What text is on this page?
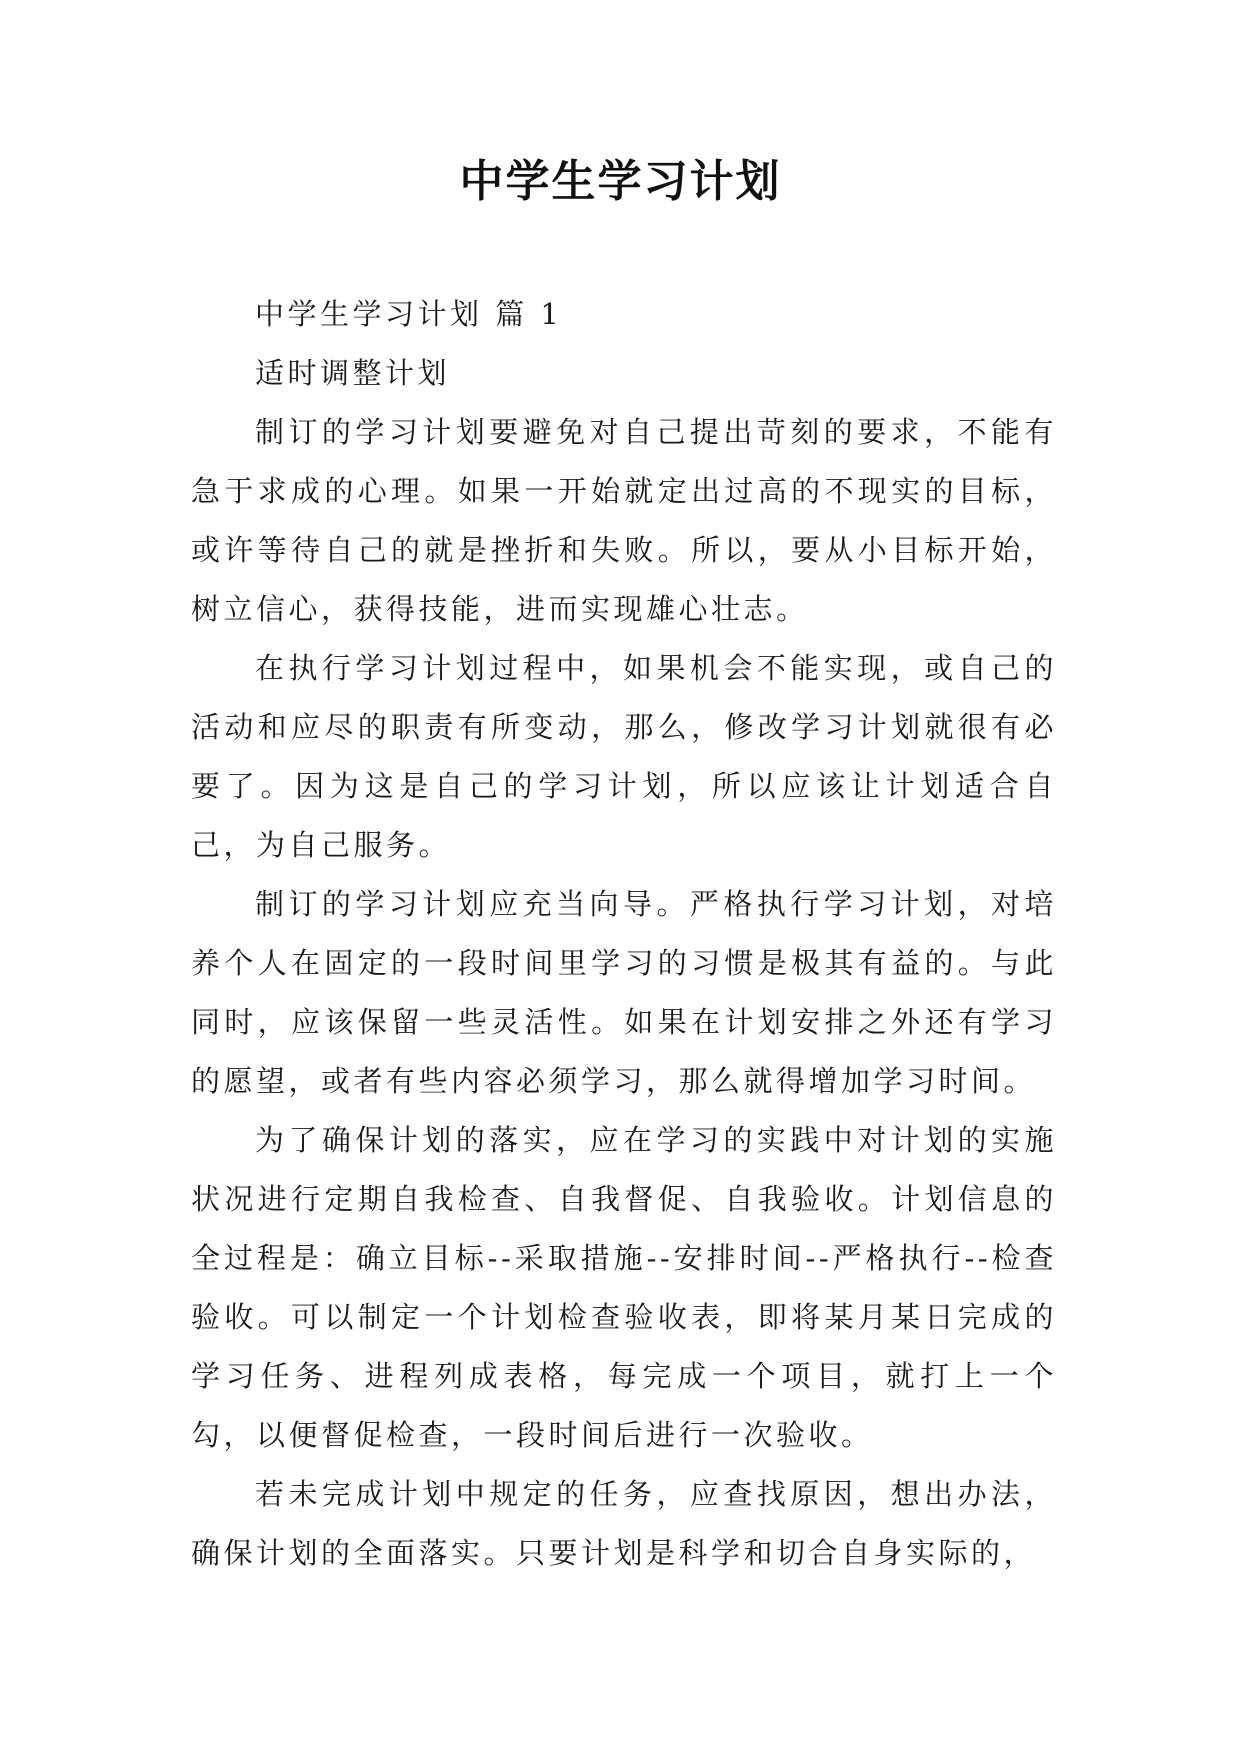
中学生学习计划

中学生学习计划 篇 1

适时调整计划

制订的学习计划要避免对自己提出苛刻的要求，不能有急于求成的心理。如果一开始就定出过高的不现实的目标，或许等待自己的就是挫折和失败。所以，要从小目标开始，树立信心，获得技能，进而实现雄心壮志。

在执行学习计划过程中，如果机会不能实现，或自己的活动和应尽的职责有所变动，那么，修改学习计划就很有必要了。因为这是自己的学习计划，所以应该让计划适合自己，为自己服务。

制订的学习计划应充当向导。严格执行学习计划，对培养个人在固定的一段时间里学习的习惯是极其有益的。与此同时，应该保留一些灵活性。如果在计划安排之外还有学习的愿望，或者有些内容必须学习，那么就得增加学习时间。

为了确保计划的落实，应在学习的实践中对计划的实施状况进行定期自我检查、自我督促、自我验收。计划信息的全过程是：确立目标--采取措施--安排时间--严格执行--检查验收。可以制定一个计划检查验收表，即将某月某日完成的学习任务、进程列成表格，每完成一个项目，就打上一个勾，以便督促检查，一段时间后进行一次验收。

若未完成计划中规定的任务，应查找原因，想出办法，确保计划的全面落实。只要计划是科学和切合自身实际的，
